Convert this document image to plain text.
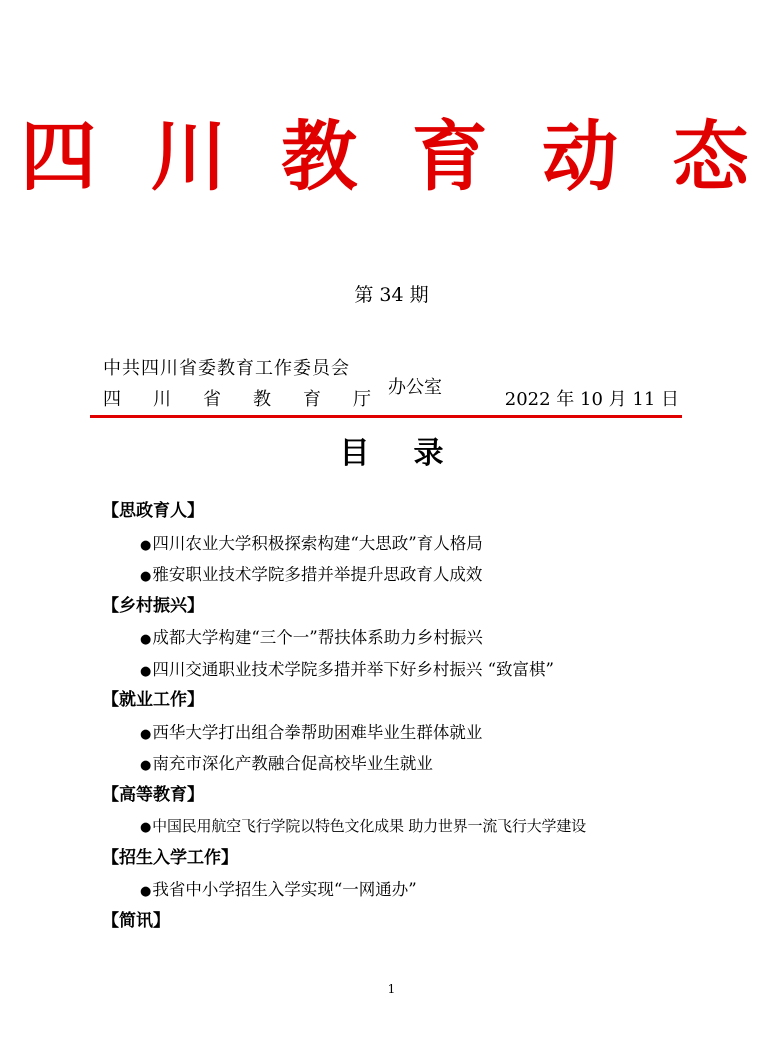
四 川 教 育 动 态
第 34 期
中共四川省委教育工作委员会
四 川 省 教 育 厅
办公室
2022 年 10 月 11 日
目录
【思政育人】
●四川农业大学积极探索构建“大思政”育人格局
●雅安职业技术学院多措并举提升思政育人成效
【乡村振兴】
●成都大学构建“三个一”帮扶体系助力乡村振兴
●四川交通职业技术学院多措并举下好乡村振兴 “致富棋”
【就业工作】
●西华大学打出组合拳帮助困难毕业生群体就业
●南充市深化产教融合促高校毕业生就业
【高等教育】
●中国民用航空飞行学院以特色文化成果 助力世界一流飞行大学建设
【招生入学工作】
●我省中小学招生入学实现“一网通办”
【简讯】
1
